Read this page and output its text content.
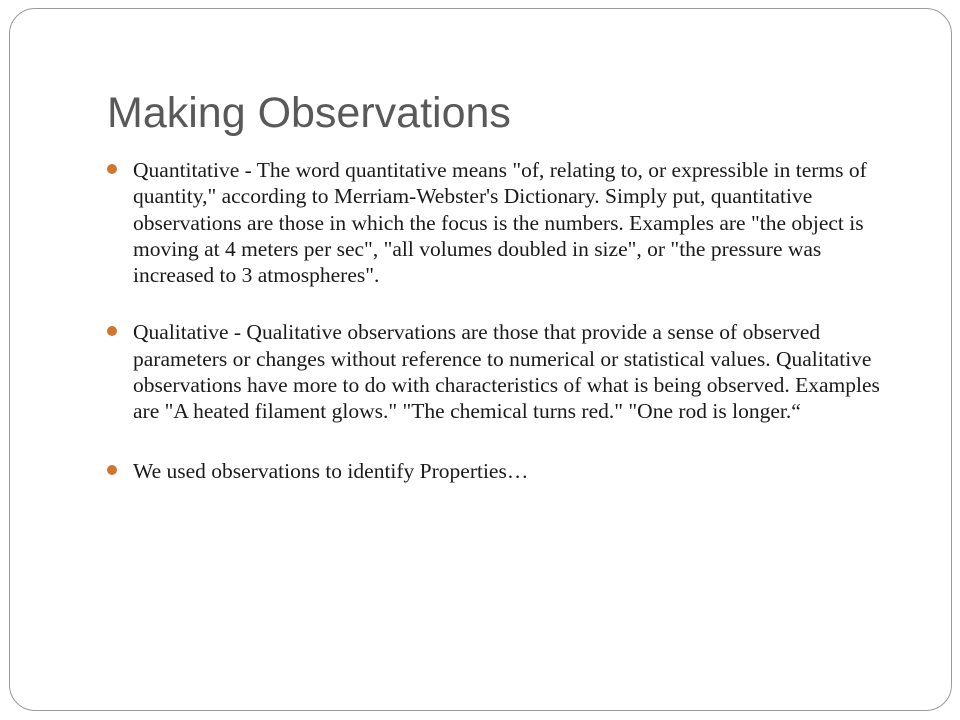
Making Observations
Quantitative - The word quantitative means "of, relating to, or expressible in terms of quantity," according to Merriam-Webster's Dictionary. Simply put, quantitative observations are those in which the focus is the numbers. Examples are "the object is moving at 4 meters per sec", "all volumes doubled in size", or "the pressure was increased to 3 atmospheres".
Qualitative - Qualitative observations are those that provide a sense of observed parameters or changes without reference to numerical or statistical values. Qualitative observations have more to do with characteristics of what is being observed. Examples are "A heated filament glows." "The chemical turns red." "One rod is longer.“
We used observations to identify Properties…
